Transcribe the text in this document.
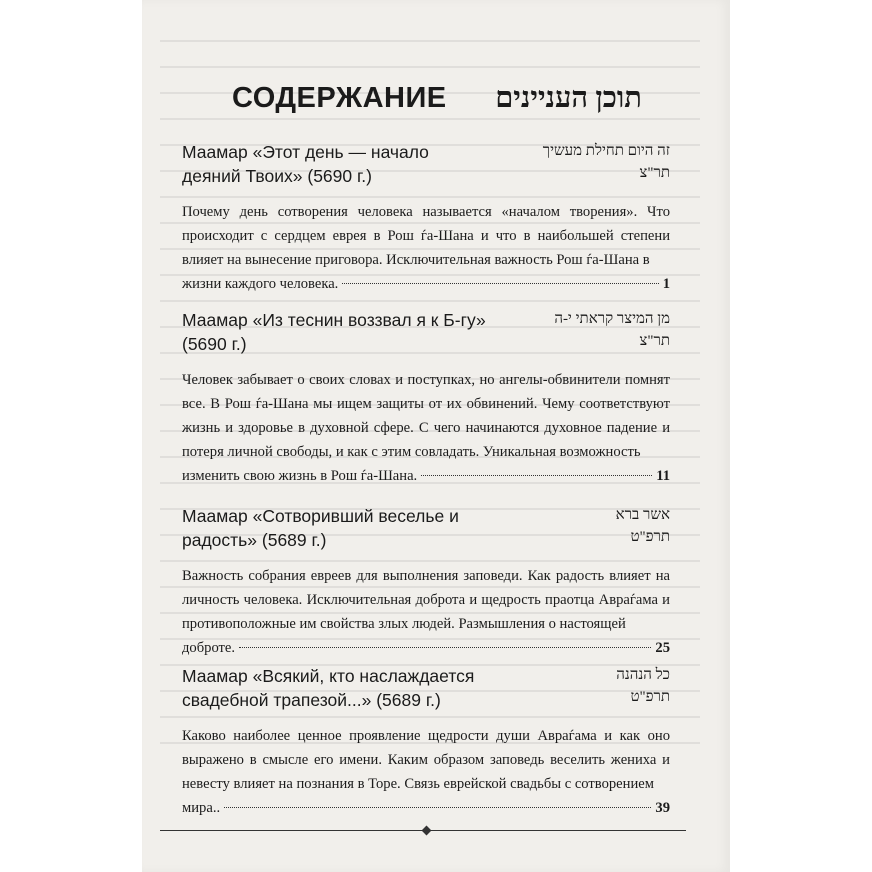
СОДЕРЖАНИЕ תוכן העניינים
Маамар «Этот день — начало деяний Твоих» (5690 г.)
זה היום תחילת מעשיך
תר"צ
Почему день сотворения человека называется «началом творения». Что происходит с сердцем еврея в Рош ѓа-Шана и что в наибольшей степени влияет на вынесение приговора. Исключительная важность Рош ѓа-Шана в
жизни каждого человека.	1
Маамар «Из теснин воззвал я к Б-гу» (5690 г.)
מן המיצר קראתי י-ה
תר"צ
Человек забывает о своих словах и поступках, но ангелы-обвинители помнят все. В Рош ѓа-Шана мы ищем защиты от их обвинений. Чему соответствуют жизнь и здоровье в духовной сфере. С чего начинаются духовное падение и потеря личной свободы, и как с этим совладать. Уникальная возможность
изменить свою жизнь в Рош ѓа-Шана.	11
Маамар «Сотворивший веселье и радость» (5689 г.)
אשר ברא
תרפ"ט
Важность собрания евреев для выполнения заповеди. Как радость влияет на личность человека. Исключительная доброта и щедрость праотца Авраѓама и противоположные им свойства злых людей. Размышления о настоящей
доброте.	25
Маамар «Всякий, кто наслаждается свадебной трапезой...» (5689 г.)
כל הנהנה
תרפ"ט
Каково наиболее ценное проявление щедрости души Авраѓама и как оно выражено в смысле его имени. Каким образом заповедь веселить жениха и невесту влияет на познания в Торе. Связь еврейской свадьбы с сотворением
мира..	39
